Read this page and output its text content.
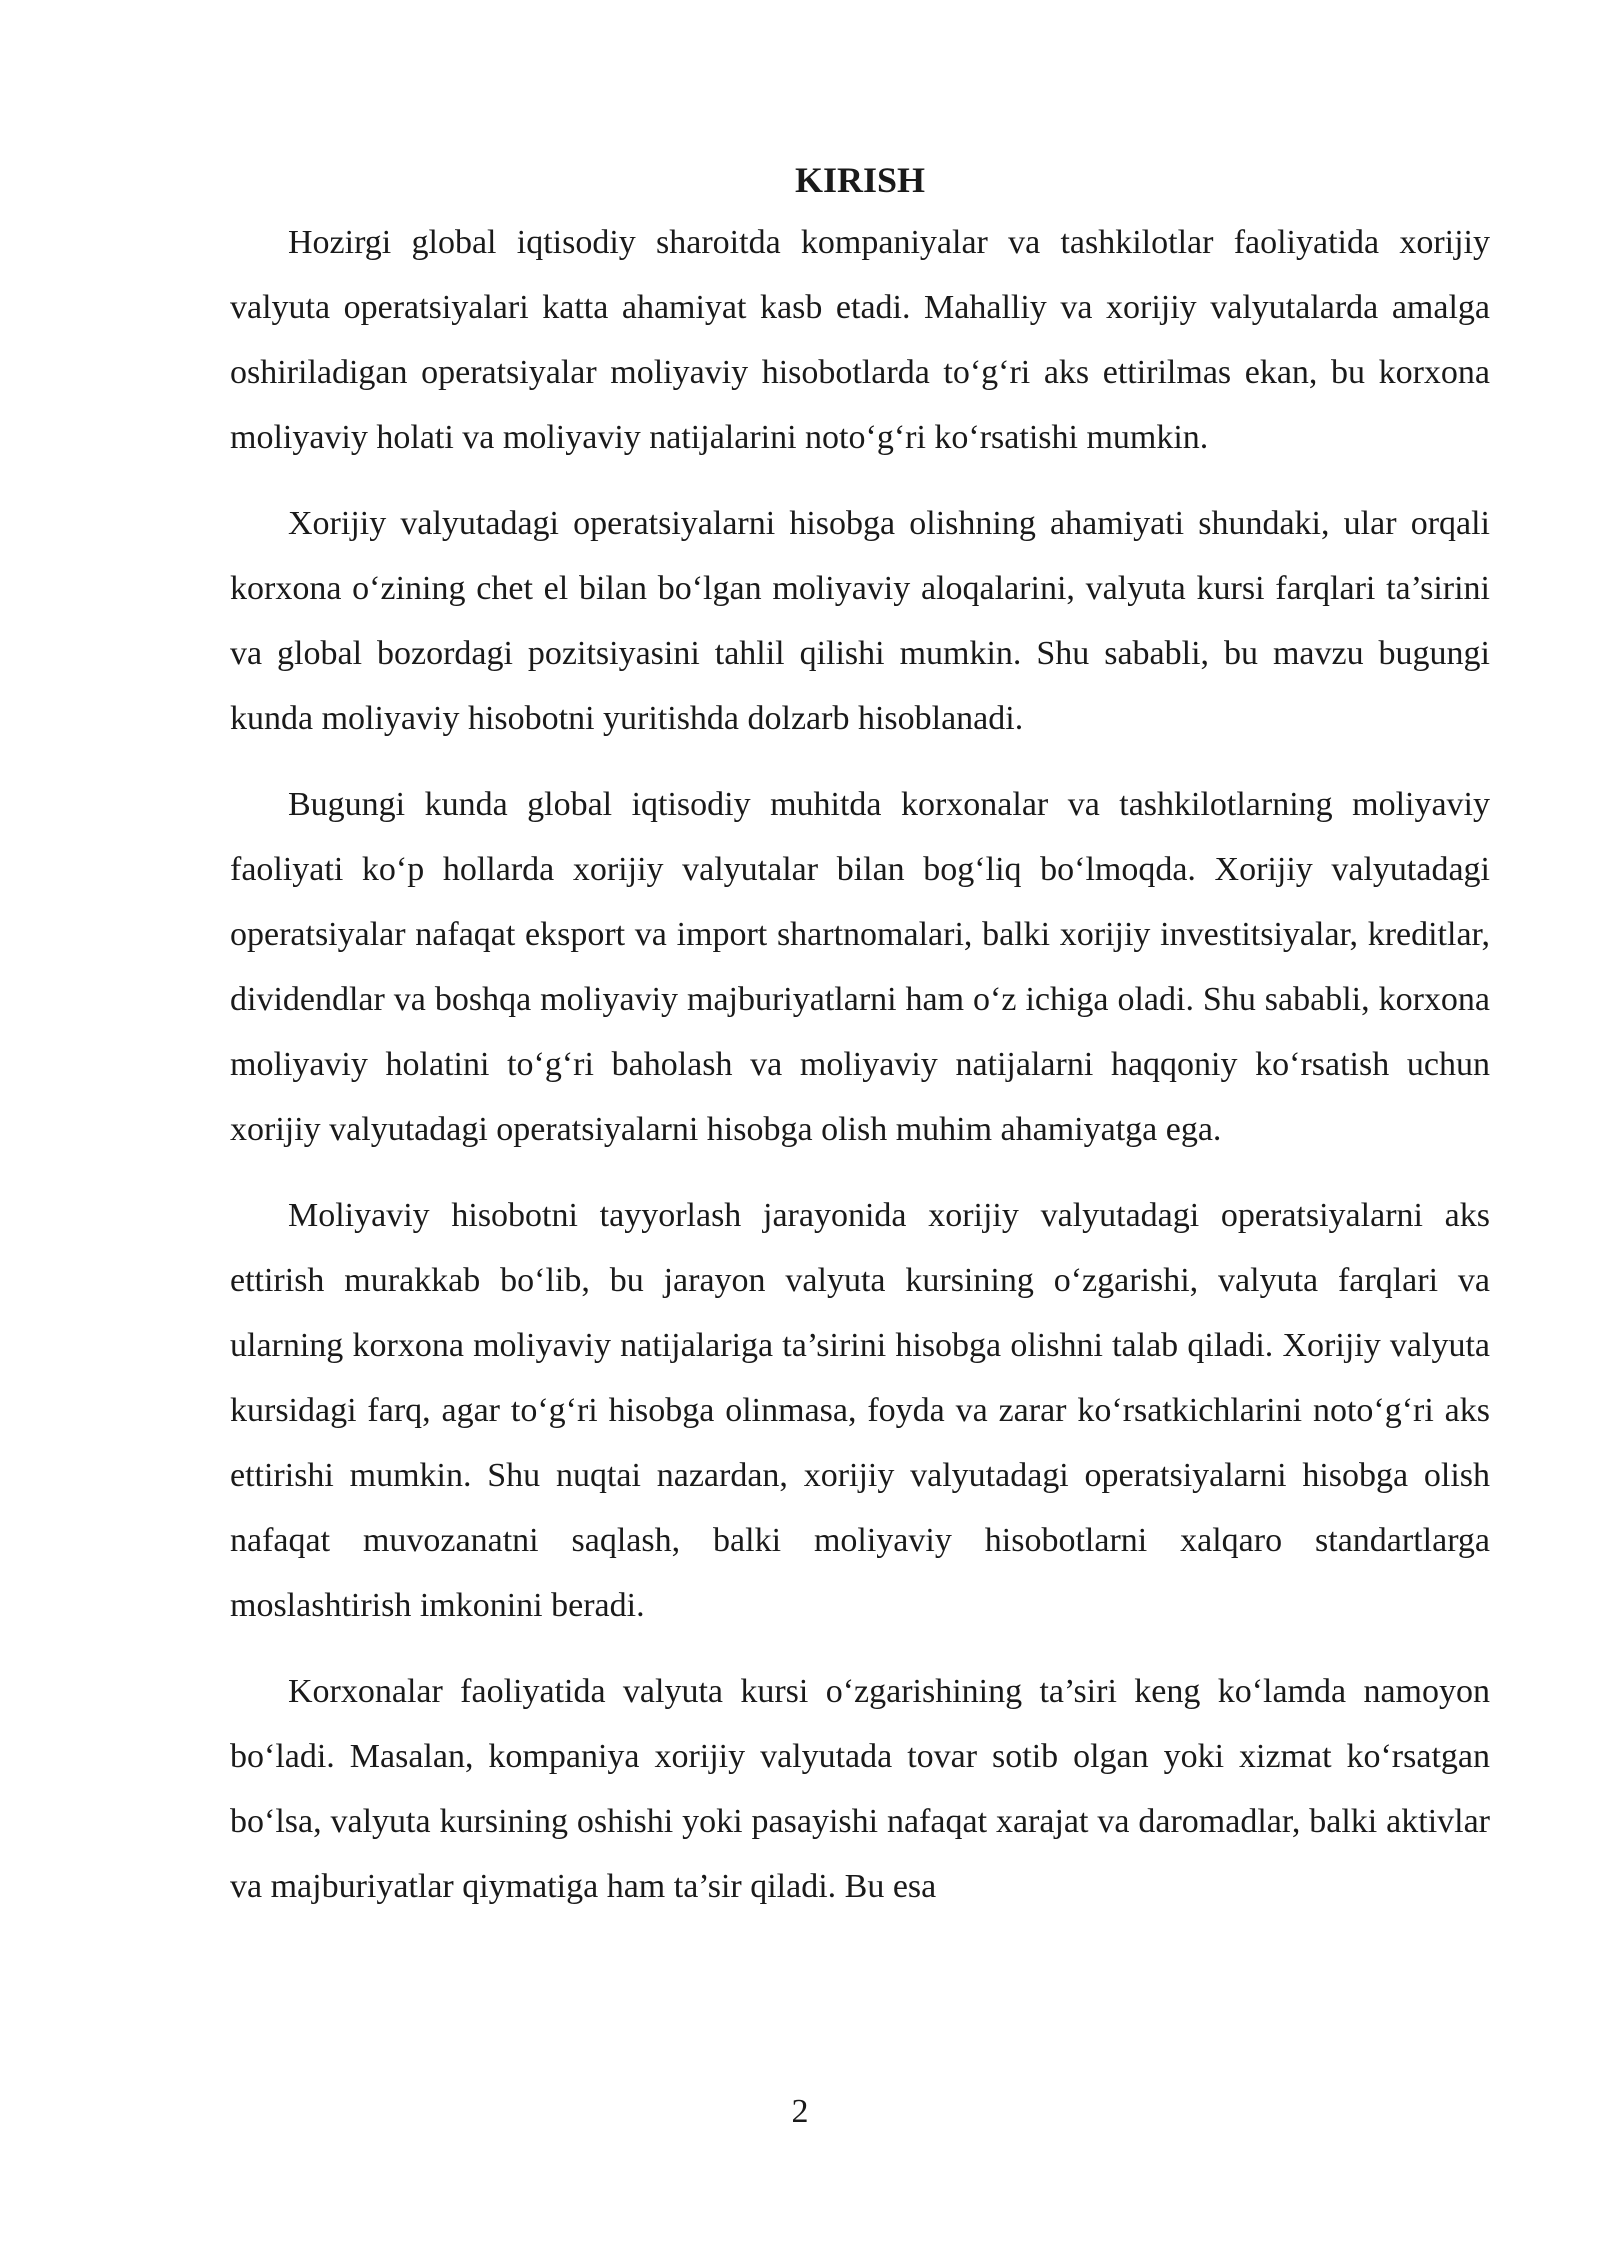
KIRISH

Hozirgi global iqtisodiy sharoitda kompaniyalar va tashkilotlar faoliyatida xorijiy valyuta operatsiyalari katta ahamiyat kasb etadi. Mahalliy va xorijiy valyutalarda amalga oshiriladigan operatsiyalar moliyaviy hisobotlarda to‘g‘ri aks ettirilmas ekan, bu korxona moliyaviy holati va moliyaviy natijalarini noto‘g‘ri ko‘rsatishi mumkin.

Xorijiy valyutadagi operatsiyalarni hisobga olishning ahamiyati shundaki, ular orqali korxona o‘zining chet el bilan bo‘lgan moliyaviy aloqalarini, valyuta kursi farqlari ta’sirini va global bozordagi pozitsiyasini tahlil qilishi mumkin. Shu sababli, bu mavzu bugungi kunda moliyaviy hisobotni yuritishda dolzarb hisoblanadi.

Bugungi kunda global iqtisodiy muhitda korxonalar va tashkilotlarning moliyaviy faoliyati ko‘p hollarda xorijiy valyutalar bilan bog‘liq bo‘lmoqda. Xorijiy valyutadagi operatsiyalar nafaqat eksport va import shartnomalari, balki xorijiy investitsiyalar, kreditlar, dividendlar va boshqa moliyaviy majburiyatlarni ham o‘z ichiga oladi. Shu sababli, korxona moliyaviy holatini to‘g‘ri baholash va moliyaviy natijalarni haqqoniy ko‘rsatish uchun xorijiy valyutadagi operatsiyalarni hisobga olish muhim ahamiyatga ega.

Moliyaviy hisobotni tayyorlash jarayonida xorijiy valyutadagi operatsiyalarni aks ettirish murakkab bo‘lib, bu jarayon valyuta kursining o‘zgarishi, valyuta farqlari va ularning korxona moliyaviy natijalariga ta’sirini hisobga olishni talab qiladi. Xorijiy valyuta kursidagi farq, agar to‘g‘ri hisobga olinmasa, foyda va zarar ko‘rsatkichlarini noto‘g‘ri aks ettirishi mumkin. Shu nuqtai nazardan, xorijiy valyutadagi operatsiyalarni hisobga olish nafaqat muvozanatni saqlash, balki moliyaviy hisobotlarni xalqaro standartlarga moslashtirish imkonini beradi.

Korxonalar faoliyatida valyuta kursi o‘zgarishining ta’siri keng ko‘lamda namoyon bo‘ladi. Masalan, kompaniya xorijiy valyutada tovar sotib olgan yoki xizmat ko‘rsatgan bo‘lsa, valyuta kursining oshishi yoki pasayishi nafaqat xarajat va daromadlar, balki aktivlar va majburiyatlar qiymatiga ham ta’sir qiladi. Bu esa

2
